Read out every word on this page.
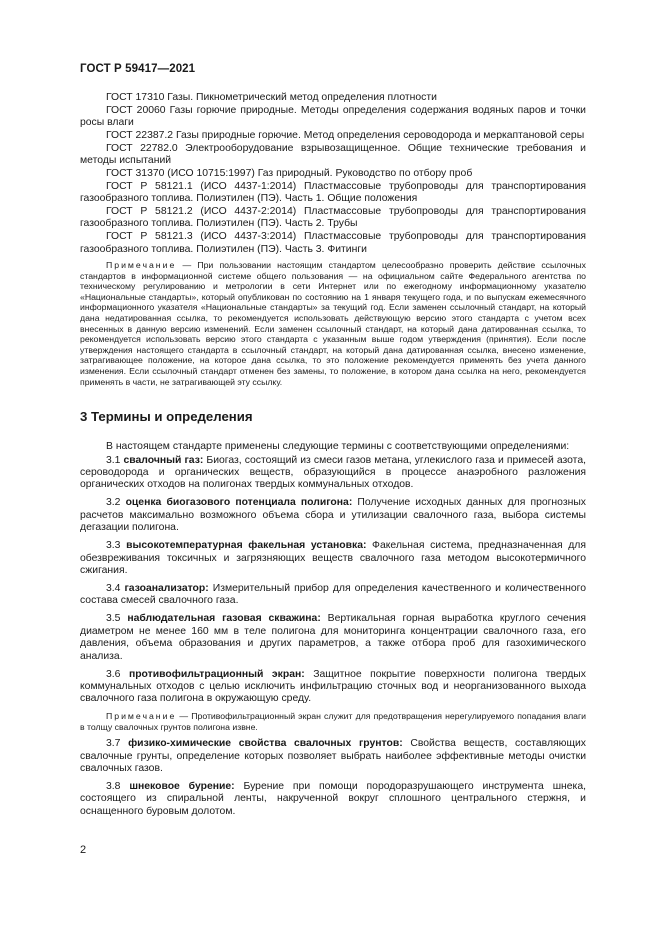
ГОСТ Р 59417—2021

ГОСТ 17310 Газы. Пикнометрический метод определения плотности

ГОСТ 20060 Газы горючие природные. Методы определения содержания водяных паров и точки росы влаги

ГОСТ 22387.2 Газы природные горючие. Метод определения сероводорода и меркаптановой серы

ГОСТ 22782.0 Электрооборудование взрывозащищенное. Общие технические требования и методы испытаний

ГОСТ 31370 (ИСО 10715:1997) Газ природный. Руководство по отбору проб

ГОСТ Р 58121.1 (ИСО 4437-1:2014) Пластмассовые трубопроводы для транспортирования газообразного топлива. Полиэтилен (ПЭ). Часть 1. Общие положения

ГОСТ Р 58121.2 (ИСО 4437-2:2014) Пластмассовые трубопроводы для транспортирования газообразного топлива. Полиэтилен (ПЭ). Часть 2. Трубы

ГОСТ Р 58121.3 (ИСО 4437-3:2014) Пластмассовые трубопроводы для транспортирования газообразного топлива. Полиэтилен (ПЭ). Часть 3. Фитинги

Примечание — При пользовании настоящим стандартом целесообразно проверить действие ссылочных стандартов в информационной системе общего пользования — на официальном сайте Федерального агентства по техническому регулированию и метрологии в сети Интернет или по ежегодному информационному указателю «Национальные стандарты», который опубликован по состоянию на 1 января текущего года, и по выпускам ежемесячного информационного указателя «Национальные стандарты» за текущий год. Если заменен ссылочный стандарт, на который дана недатированная ссылка, то рекомендуется использовать действующую версию этого стандарта с учетом всех внесенных в данную версию изменений. Если заменен ссылочный стандарт, на который дана датированная ссылка, то рекомендуется использовать версию этого стандарта с указанным выше годом утверждения (принятия). Если после утверждения настоящего стандарта в ссылочный стандарт, на который дана датированная ссылка, внесено изменение, затрагивающее положение, на которое дана ссылка, то это положение рекомендуется применять без учета данного изменения. Если ссылочный стандарт отменен без замены, то положение, в котором дана ссылка на него, рекомендуется применять в части, не затрагивающей эту ссылку.

3 Термины и определения

В настоящем стандарте применены следующие термины с соответствующими определениями:

3.1 свалочный газ: Биогаз, состоящий из смеси газов метана, углекислого газа и примесей азота, сероводорода и органических веществ, образующийся в процессе анаэробного разложения органических отходов на полигонах твердых коммунальных отходов.

3.2 оценка биогазового потенциала полигона: Получение исходных данных для прогнозных расчетов максимально возможного объема сбора и утилизации свалочного газа, выбора системы дегазации полигона.

3.3 высокотемпературная факельная установка: Факельная система, предназначенная для обезвреживания токсичных и загрязняющих веществ свалочного газа методом высокотермичного сжигания.

3.4 газоанализатор: Измерительный прибор для определения качественного и количественного состава смесей свалочного газа.

3.5 наблюдательная газовая скважина: Вертикальная горная выработка круглого сечения диаметром не менее 160 мм в теле полигона для мониторинга концентрации свалочного газа, его давления, объема образования и других параметров, а также отбора проб для газохимического анализа.

3.6 противофильтрационный экран: Защитное покрытие поверхности полигона твердых коммунальных отходов с целью исключить инфильтрацию сточных вод и неорганизованного выхода свалочного газа полигона в окружающую среду.

Примечание — Противофильтрационный экран служит для предотвращения нерегулируемого попадания влаги в толщу свалочных грунтов полигона извне.

3.7 физико-химические свойства свалочных грунтов: Свойства веществ, составляющих свалочные грунты, определение которых позволяет выбрать наиболее эффективные методы очистки свалочных газов.

3.8 шнековое бурение: Бурение при помощи породоразрушающего инструмента шнека, состоящего из спиральной ленты, накрученной вокруг сплошного центрального стержня, и оснащенного буровым долотом.

2
